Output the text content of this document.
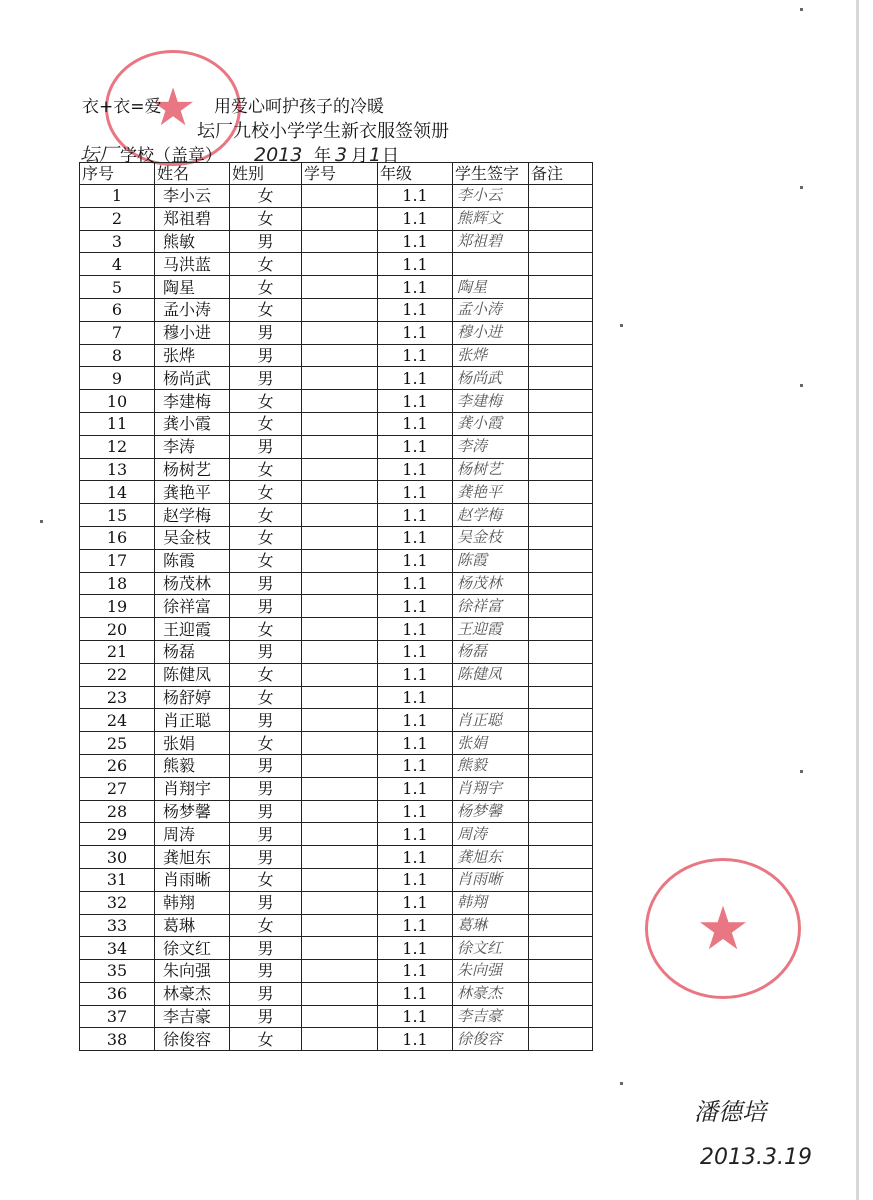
★
★
衣+衣=爱	用爱心呵护孩子的冷暖
坛厂九校小学学生新衣服签领册
坛厂 学校（盖章） 2013 年 3 月1日
序号	姓名	姓别	学号	年级	学生签字	备注
1	李小云	女		1.1	李小云	
2	郑祖碧	女		1.1	熊辉文	
3	熊敏	男		1.1	郑祖碧	
4	马洪蓝	女		1.1		
5	陶星	女		1.1	陶星	
6	孟小涛	女		1.1	孟小涛	
7	穆小进	男		1.1	穆小进	
8	张烨	男		1.1	张烨	
9	杨尚武	男		1.1	杨尚武	
10	李建梅	女		1.1	李建梅	
11	龚小霞	女		1.1	龚小霞	
12	李涛	男		1.1	李涛	
13	杨树艺	女		1.1	杨树艺	
14	龚艳平	女		1.1	龚艳平	
15	赵学梅	女		1.1	赵学梅	
16	吴金枝	女		1.1	吴金枝	
17	陈霞	女		1.1	陈霞	
18	杨茂林	男		1.1	杨茂林	
19	徐祥富	男		1.1	徐祥富	
20	王迎霞	女		1.1	王迎霞	
21	杨磊	男		1.1	杨磊	
22	陈健凤	女		1.1	陈健凤	
23	杨舒婷	女		1.1		
24	肖正聪	男		1.1	肖正聪	
25	张娟	女		1.1	张娟	
26	熊毅	男		1.1	熊毅	
27	肖翔宇	男		1.1	肖翔宇	
28	杨梦馨	男		1.1	杨梦馨	
29	周涛	男		1.1	周涛	
30	龚旭东	男		1.1	龚旭东	
31	肖雨晰	女		1.1	肖雨晰	
32	韩翔	男		1.1	韩翔	
33	葛琳	女		1.1	葛琳	
34	徐文红	男		1.1	徐文红	
35	朱向强	男		1.1	朱向强	
36	林豪杰	男		1.1	林豪杰	
37	李吉豪	男		1.1	李吉豪	
38	徐俊容	女		1.1	徐俊容	
潘德培
2013.3.19
